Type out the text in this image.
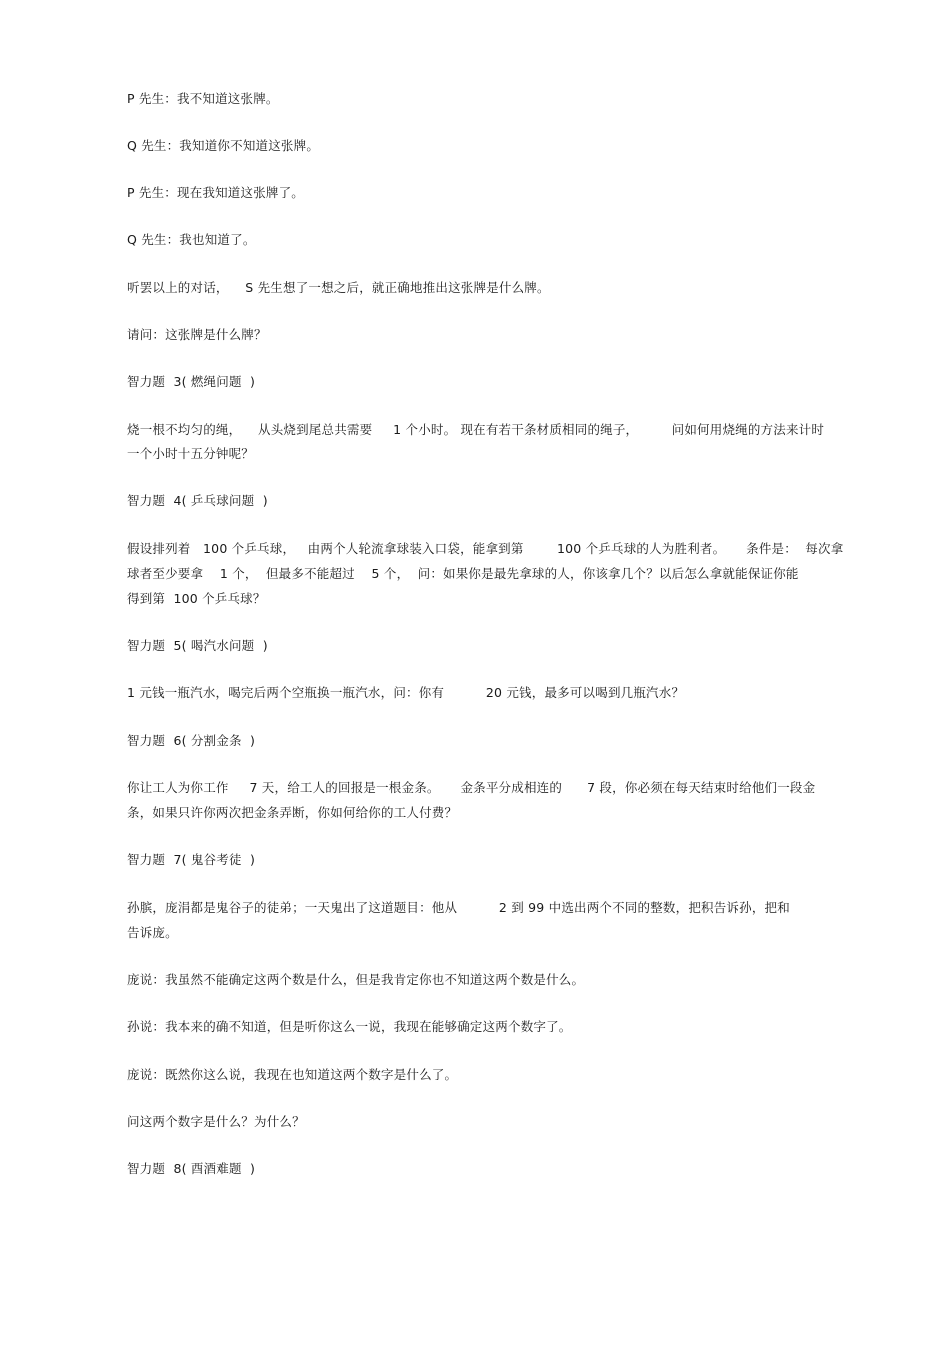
P 先生：我不知道这张牌。

Q 先生：我知道你不知道这张牌。

P 先生：现在我知道这张牌了。

Q 先生：我也知道了。

听罢以上的对话，    S 先生想了一想之后，就正确地推出这张牌是什么牌。

请问：这张牌是什么牌？

智力题  3( 燃绳问题  )

烧一根不均匀的绳，    从头烧到尾总共需要     1 个小时。 现在有若干条材质相同的绳子，        问如何用烧绳的方法来计时

一个小时十五分钟呢？

智力题  4( 乒乓球问题  )

假设排列着   100 个乒乓球，   由两个人轮流拿球装入口袋，能拿到第        100 个乒乓球的人为胜利者。     条件是：  每次拿

球者至少要拿    1 个，  但最多不能超过    5 个，  问：如果你是最先拿球的人，你该拿几个？以后怎么拿就能保证你能

得到第  100 个乒乓球？

智力题  5( 喝汽水问题  )

1 元钱一瓶汽水，喝完后两个空瓶换一瓶汽水，问：你有          20 元钱，最多可以喝到几瓶汽水？

智力题  6( 分割金条  )

你让工人为你工作     7 天，给工人的回报是一根金条。     金条平分成相连的      7 段，你必须在每天结束时给他们一段金

条，如果只许你两次把金条弄断，你如何给你的工人付费？

智力题  7( 鬼谷考徒  )

孙膑，庞涓都是鬼谷子的徒弟；一天鬼出了这道题目：他从          2 到 99 中选出两个不同的整数，把积告诉孙，把和

告诉庞。

庞说：我虽然不能确定这两个数是什么，但是我肯定你也不知道这两个数是什么。

孙说：我本来的确不知道，但是听你这么一说，我现在能够确定这两个数字了。

庞说：既然你这么说，我现在也知道这两个数字是什么了。

问这两个数字是什么？为什么？

智力题  8( 酉酒难题  )
